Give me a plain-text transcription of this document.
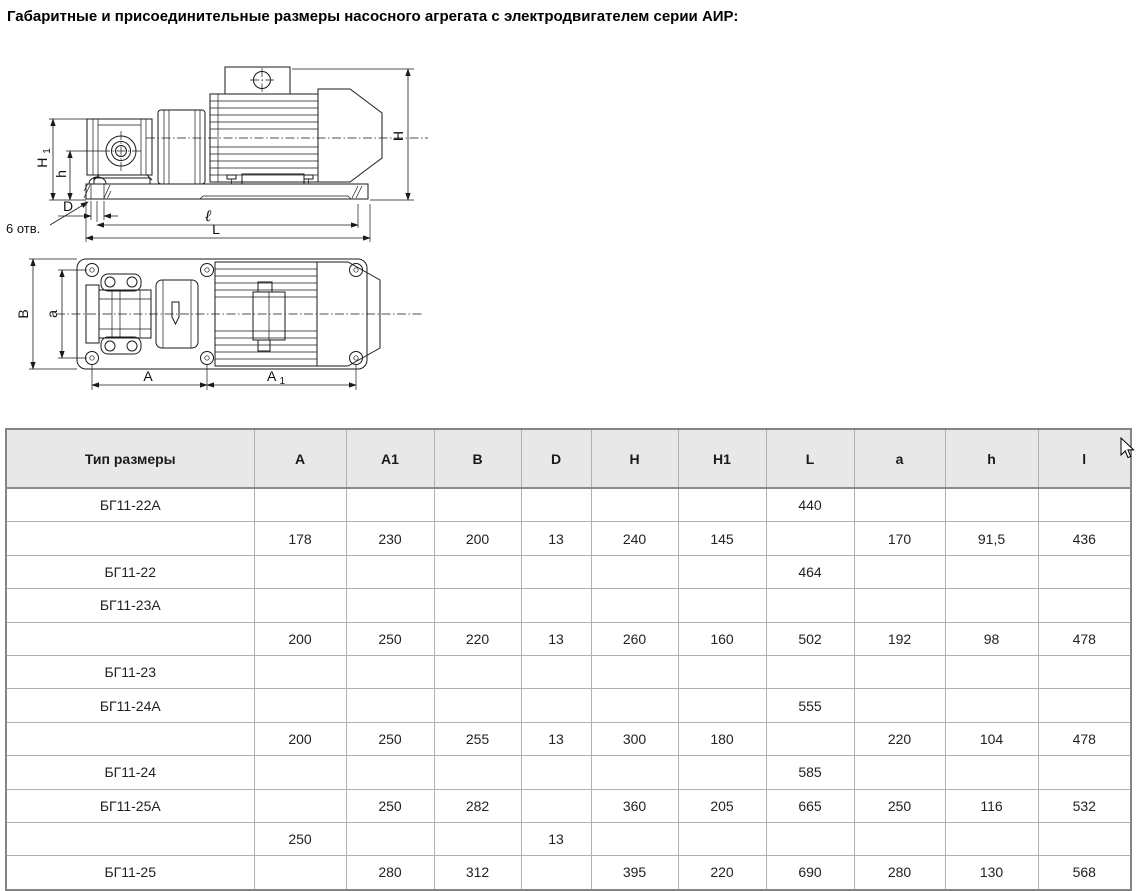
Габаритные и присоединительные размеры насосного агрегата с электродвигателем серии АИР:
H
H $_1$
h
D
6 отв.
ℓ
L
B a
A	A $_1$
Тип размеры	A	A1	B	D	H	H1	L	a	h	l
БГ11-22А							440			
	178	230	200	13	240	145		170	91,5	436
БГ11-22							464			
БГ11-23А										
	200	250	220	13	260	160	502	192	98	478
БГ11-23										
БГ11-24А							555			
	200	250	255	13	300	180		220	104	478
БГ11-24							585			
БГ11-25А		250	282		360	205	665	250	116	532
	250			13						
БГ11-25		280	312		395	220	690	280	130	568
